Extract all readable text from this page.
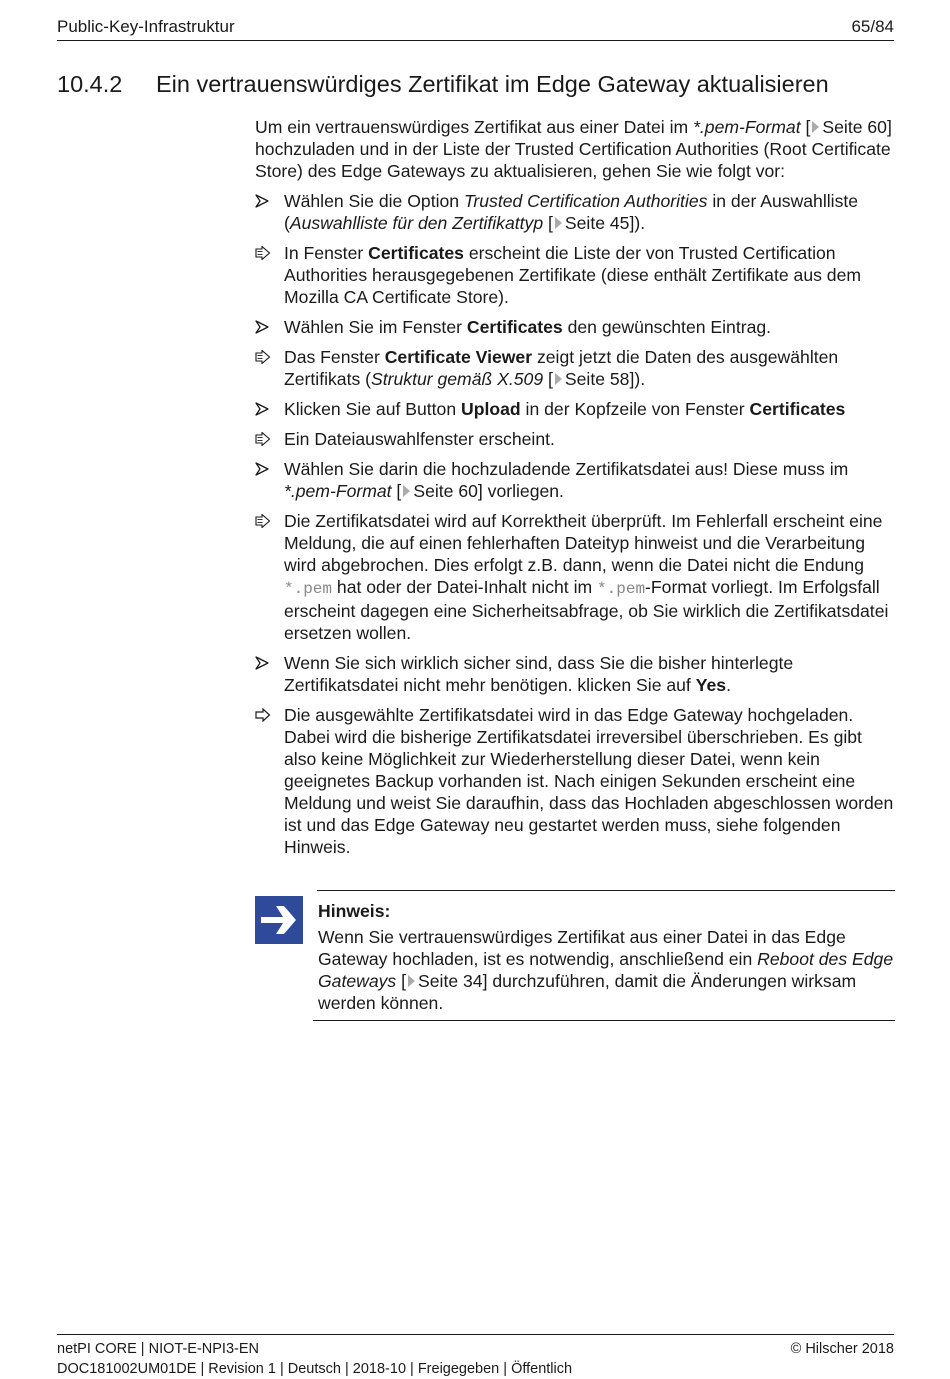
Public-Key-Infrastruktur	65/84
10.4.2 Ein vertrauenswürdiges Zertifikat im Edge Gateway aktualisieren

Um ein vertrauenswürdiges Zertifikat aus einer Datei im *.pem-Format [ Seite 60] hochzuladen und in der Liste der Trusted Certification Authorities (Root Certificate Store) des Edge Gateways zu aktualisieren, gehen Sie wie folgt vor:

Wählen Sie die Option Trusted Certification Authorities in der Auswahlliste (Auswahlliste für den Zertifikattyp [ Seite 45]).
In Fenster Certificates erscheint die Liste der von Trusted Certification Authorities herausgegebenen Zertifikate (diese enthält Zertifikate aus dem Mozilla CA Certificate Store).
Wählen Sie im Fenster Certificates den gewünschten Eintrag.
Das Fenster Certificate Viewer zeigt jetzt die Daten des ausgewählten Zertifikats (Struktur gemäß X.509 [ Seite 58]).
Klicken Sie auf Button Upload in der Kopfzeile von Fenster Certificates
Ein Dateiauswahlfenster erscheint.
Wählen Sie darin die hochzuladende Zertifikatsdatei aus! Diese muss im *.pem-Format [ Seite 60] vorliegen.
Die Zertifikatsdatei wird auf Korrektheit überprüft. Im Fehlerfall erscheint eine Meldung, die auf einen fehlerhaften Dateityp hinweist und die Verarbeitung wird abgebrochen. Dies erfolgt z.B. dann, wenn die Datei nicht die Endung *.pem hat oder der Datei-Inhalt nicht im *.pem-Format vorliegt. Im Erfolgsfall erscheint dagegen eine Sicherheitsabfrage, ob Sie wirklich die Zertifikatsdatei ersetzen wollen.
Wenn Sie sich wirklich sicher sind, dass Sie die bisher hinterlegte Zertifikatsdatei nicht mehr benötigen. klicken Sie auf Yes.
Die ausgewählte Zertifikatsdatei wird in das Edge Gateway hochgeladen. Dabei wird die bisherige Zertifikatsdatei irreversibel überschrieben. Es gibt also keine Möglichkeit zur Wiederherstellung dieser Datei, wenn kein geeignetes Backup vorhanden ist. Nach einigen Sekunden erscheint eine Meldung und weist Sie daraufhin, dass das Hochladen abgeschlossen worden ist und das Edge Gateway neu gestartet werden muss, siehe folgenden Hinweis.
Hinweis:
Wenn Sie vertrauenswürdiges Zertifikat aus einer Datei in das Edge Gateway hochladen, ist es notwendig, anschließend ein Reboot des Edge Gateways [ Seite 34] durchzuführen, damit die Änderungen wirksam werden können.
netPI CORE | NIOT-E-NPI3-EN
DOC181002UM01DE | Revision 1 | Deutsch | 2018-10 | Freigegeben | Öffentlich
© Hilscher 2018
